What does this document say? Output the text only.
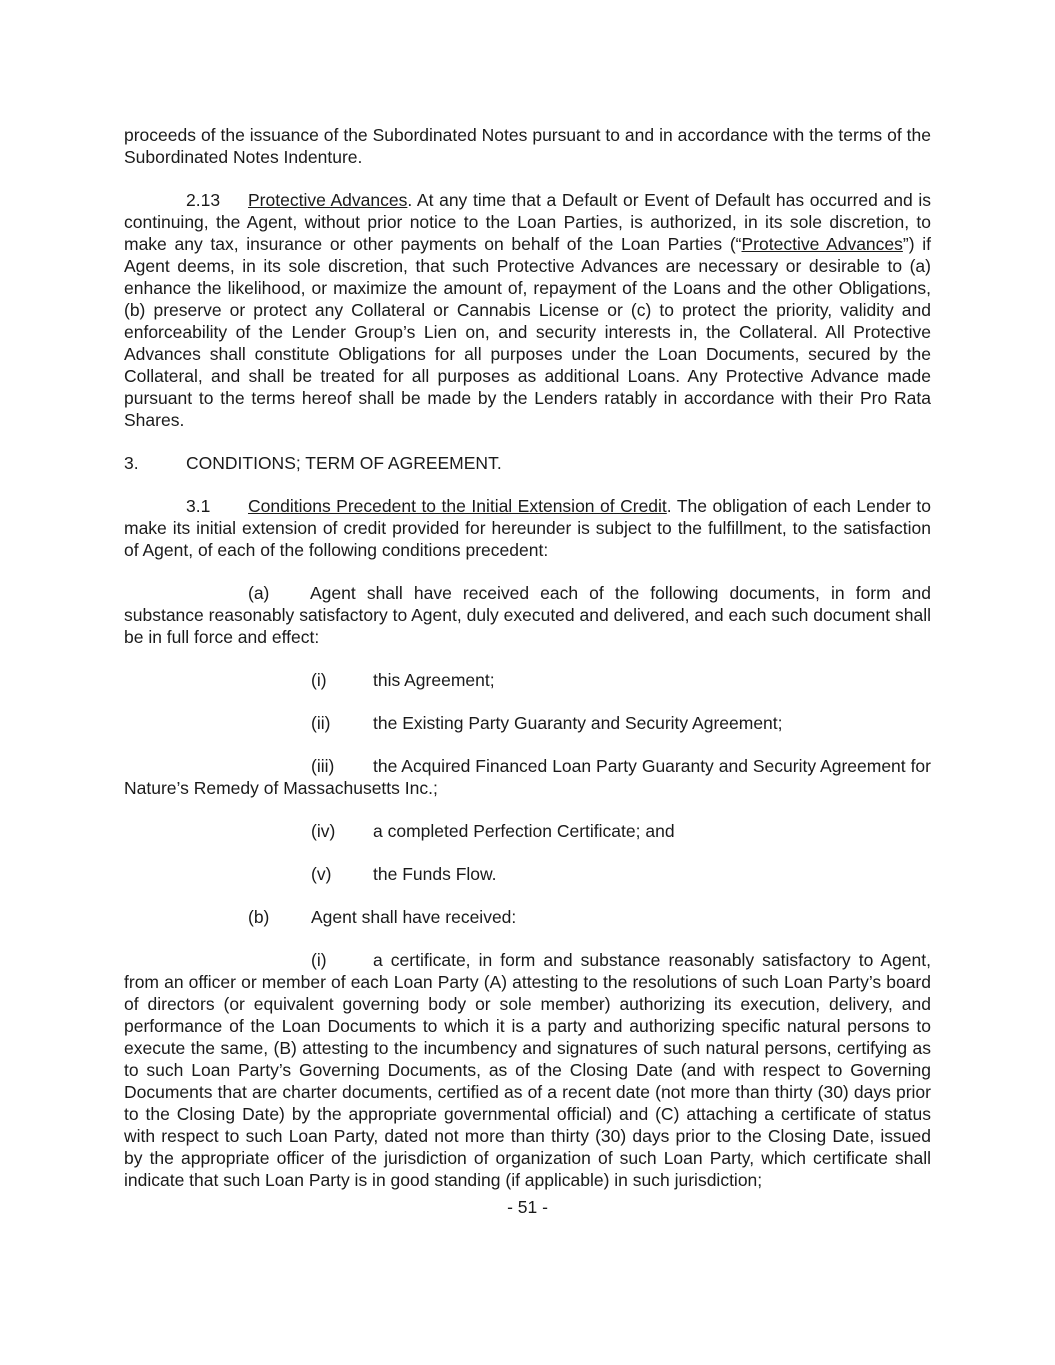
proceeds of the issuance of the Subordinated Notes pursuant to and in accordance with the terms of the Subordinated Notes Indenture.

2.13 Protective Advances. At any time that a Default or Event of Default has occurred and is continuing, the Agent, without prior notice to the Loan Parties, is authorized, in its sole discretion, to make any tax, insurance or other payments on behalf of the Loan Parties (“Protective Advances”) if Agent deems, in its sole discretion, that such Protective Advances are necessary or desirable to (a) enhance the likelihood, or maximize the amount of, repayment of the Loans and the other Obligations, (b) preserve or protect any Collateral or Cannabis License or (c) to protect the priority, validity and enforceability of the Lender Group’s Lien on, and security interests in, the Collateral. All Protective Advances shall constitute Obligations for all purposes under the Loan Documents, secured by the Collateral, and shall be treated for all purposes as additional Loans. Any Protective Advance made pursuant to the terms hereof shall be made by the Lenders ratably in accordance with their Pro Rata Shares.

3.	CONDITIONS; TERM OF AGREEMENT.

3.1 Conditions Precedent to the Initial Extension of Credit. The obligation of each Lender to make its initial extension of credit provided for hereunder is subject to the fulfillment, to the satisfaction of Agent, of each of the following conditions precedent:

(a) Agent shall have received each of the following documents, in form and substance reasonably satisfactory to Agent, duly executed and delivered, and each such document shall be in full force and effect:

(i)	this Agreement;
(ii)	the Existing Party Guaranty and Security Agreement;

(iii) the Acquired Financed Loan Party Guaranty and Security Agreement for Nature’s Remedy of Massachusetts Inc.;

(iv)	a completed Perfection Certificate; and
(v)	the Funds Flow.
(b)	Agent shall have received:

(i)	a certificate, in form and substance reasonably satisfactory to Agent, from an officer or member of each Loan Party (A) attesting to the resolutions of such Loan Party’s board of directors (or equivalent governing body or sole member) authorizing its execution, delivery, and performance of the Loan Documents to which it is a party and authorizing specific natural persons to execute the same, (B) attesting to the incumbency and signatures of such natural persons, certifying as to such Loan Party’s Governing Documents, as of the Closing Date (and with respect to Governing Documents that are charter documents, certified as of a recent date (not more than thirty (30) days prior to the Closing Date) by the appropriate governmental official) and (C) attaching a certificate of status with respect to such Loan Party, dated not more than thirty (30) days prior to the Closing Date, issued by the appropriate officer of the jurisdiction of organization of such Loan Party, which certificate shall indicate that such Loan Party is in good standing (if applicable) in such jurisdiction;

- 51 -
